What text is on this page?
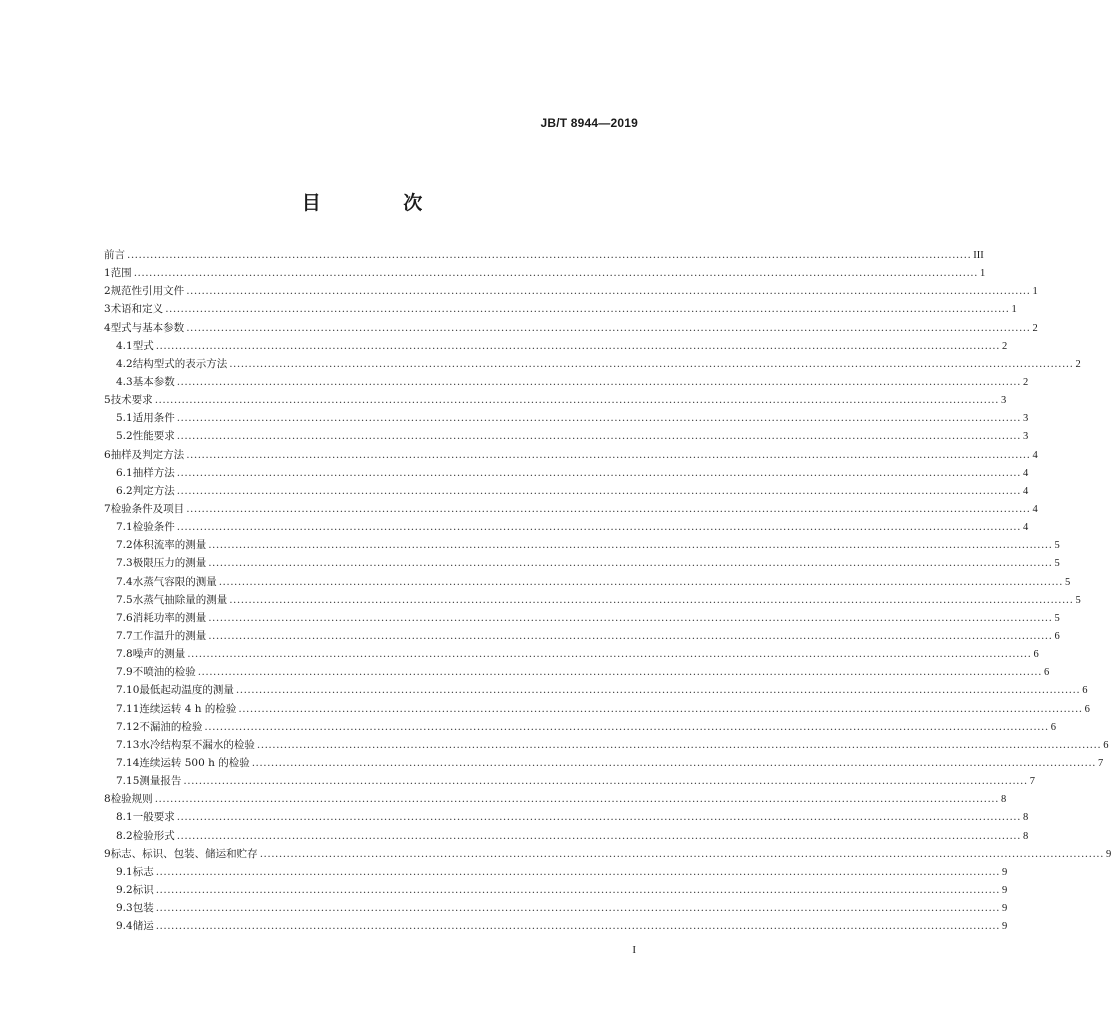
JB/T 8944—2019
目 次
前言 ............................................................................................................................................................................................................................ III
1 范围 ............................................................................................................................................................................................................................ 1
2 规范性引用文件 ............................................................................................................................................................................................................................ 1
3 术语和定义 ............................................................................................................................................................................................................................ 1
4 型式与基本参数 ............................................................................................................................................................................................................................ 2
4.1 型式 ............................................................................................................................................................................................................................ 2
4.2 结构型式的表示方法 ............................................................................................................................................................................................................................ 2
4.3 基本参数 ............................................................................................................................................................................................................................ 2
5 技术要求 ............................................................................................................................................................................................................................ 3
5.1 适用条件 ............................................................................................................................................................................................................................ 3
5.2 性能要求 ............................................................................................................................................................................................................................ 3
6 抽样及判定方法 ............................................................................................................................................................................................................................ 4
6.1 抽样方法 ............................................................................................................................................................................................................................ 4
6.2 判定方法 ............................................................................................................................................................................................................................ 4
7 检验条件及项目 ............................................................................................................................................................................................................................ 4
7.1 检验条件 ............................................................................................................................................................................................................................ 4
7.2 体积流率的测量 ............................................................................................................................................................................................................................ 5
7.3 极限压力的测量 ............................................................................................................................................................................................................................ 5
7.4 水蒸气容限的测量 ............................................................................................................................................................................................................................ 5
7.5 水蒸气抽除量的测量 ............................................................................................................................................................................................................................ 5
7.6 消耗功率的测量 ............................................................................................................................................................................................................................ 5
7.7 工作温升的测量 ............................................................................................................................................................................................................................ 6
7.8 噪声的测量 ............................................................................................................................................................................................................................ 6
7.9 不喷油的检验 ............................................................................................................................................................................................................................ 6
7.10 最低起动温度的测量 ............................................................................................................................................................................................................................ 6
7.11 连续运转 4 h 的检验 ............................................................................................................................................................................................................................ 6
7.12 不漏油的检验 ............................................................................................................................................................................................................................ 6
7.13 水冷结构泵不漏水的检验 ............................................................................................................................................................................................................................ 6
7.14 连续运转 500 h 的检验 ............................................................................................................................................................................................................................ 7
7.15 测量报告 ............................................................................................................................................................................................................................ 7
8 检验规则 ............................................................................................................................................................................................................................ 8
8.1 一般要求 ............................................................................................................................................................................................................................ 8
8.2 检验形式 ............................................................................................................................................................................................................................ 8
9 标志、标识、包装、储运和贮存 ............................................................................................................................................................................................................................ 9
9.1 标志 ............................................................................................................................................................................................................................ 9
9.2 标识 ............................................................................................................................................................................................................................ 9
9.3 包装 ............................................................................................................................................................................................................................ 9
9.4 储运 ............................................................................................................................................................................................................................ 9
I
